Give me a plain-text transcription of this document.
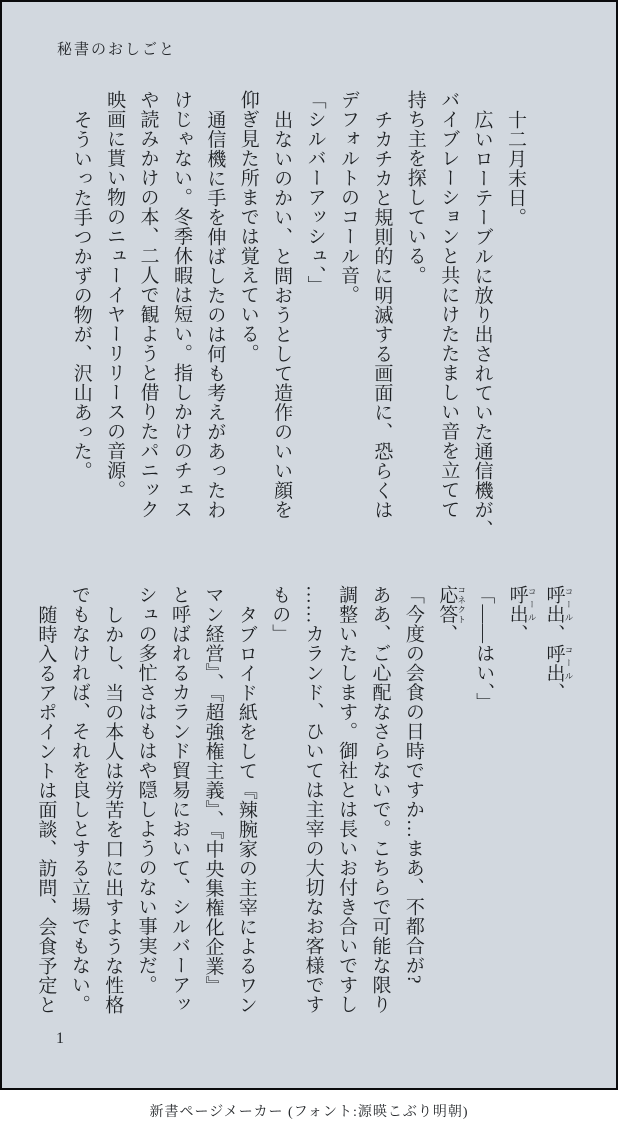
秘書のおしごと
十二月末日。
広いローテーブルに放り出されていた通信機が、
バイブレーションと共にけたたましい音を立てて
持ち主を探している。
チカチカと規則的に明滅する画面に、恐らくは
デフォルトのコール音。
「シルバーアッシュ、」
出ないのかい、と問おうとして造作のいい顔を
仰ぎ見た所までは覚えている。
通信機に手を伸ばしたのは何も考えがあったわ
けじゃない。冬季休暇は短い。指しかけのチェス
や読みかけの本、二人で観ようと借りたパニック
映画に貰い物のニューイヤーリリースの音源。
そういった手つかずの物が、沢山あった。
呼出 コール、呼出 コール、
呼出 コール、
「――はい、」
応答 コネクト、
「今度の会食の日時ですか…まあ、不都合が?
ああ、ご心配なさらないで。こちらで可能な限り
調整いたします。御社とは長いお付き合いですし
……カランド、ひいては主宰の大切なお客様です
もの」
タブロイド紙をして『辣腕家の主宰によるワン
マン経営』、『超強権主義』、『中央集権化企業』
と呼ばれるカランド貿易において、シルバーアッ
シュの多忙さはもはや隠しようのない事実だ。
しかし、当の本人は労苦を口に出すような性格
でもなければ、それを良しとする立場でもない。
随時入るアポイントは面談、訪問、会食予定と
1
新書ページメーカー (フォント:源暎こぶり明朝)
